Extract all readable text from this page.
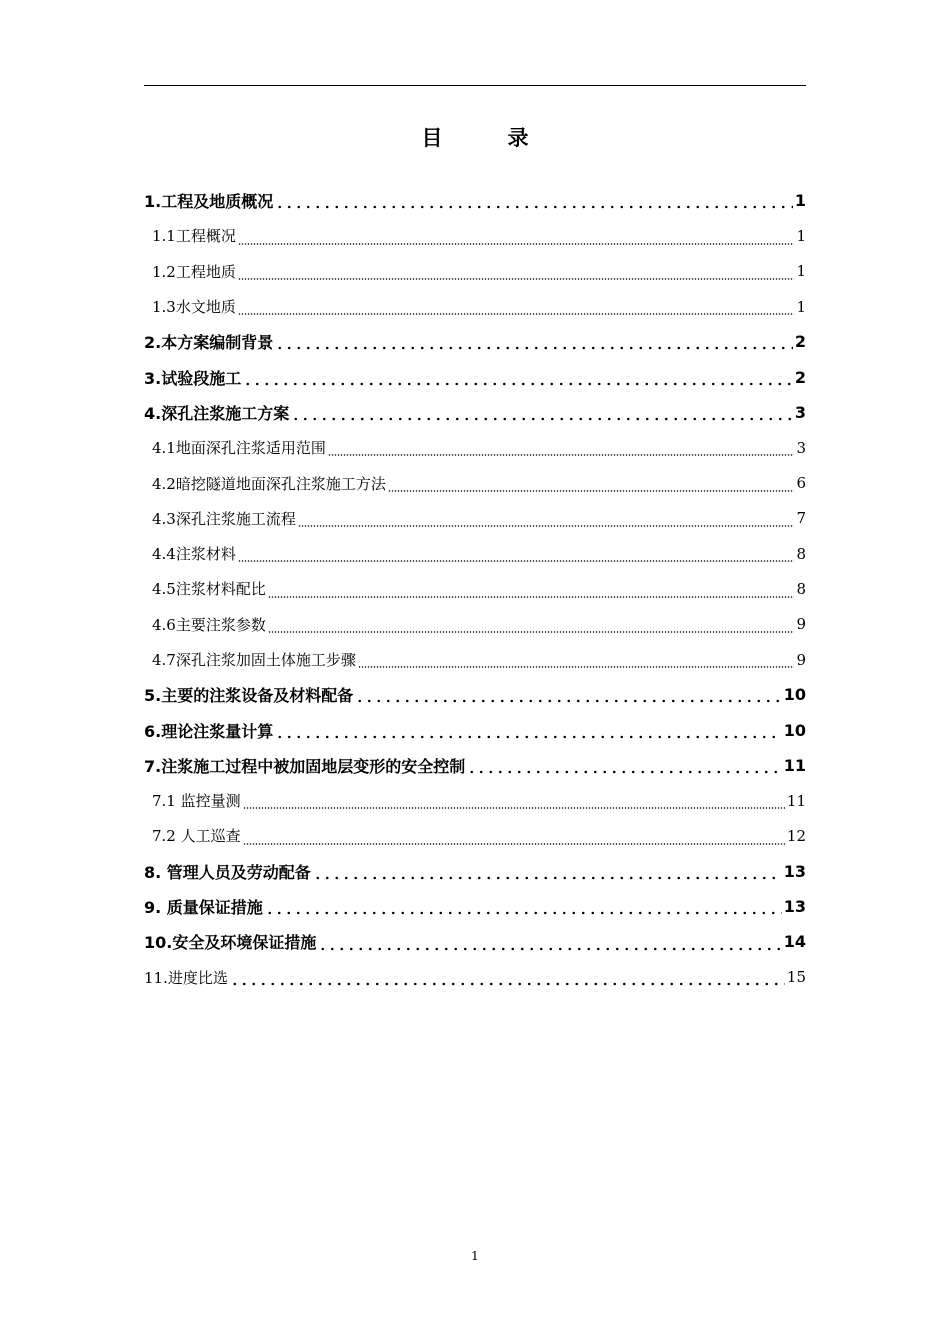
目　录
1.工程及地质概况	1
1.1工程概况	1
1.2工程地质	1
1.3水文地质	1
2.本方案编制背景	2
3.试验段施工	2
4.深孔注浆施工方案	3
4.1地面深孔注浆适用范围	3
4.2暗挖隧道地面深孔注浆施工方法	6
4.3深孔注浆施工流程	7
4.4注浆材料	8
4.5注浆材料配比	8
4.6主要注浆参数	9
4.7深孔注浆加固土体施工步骤	9
5.主要的注浆设备及材料配备	10
6.理论注浆量计算	10
7.注浆施工过程中被加固地层变形的安全控制	11
7.1 监控量测	11
7.2 人工巡查	12
8. 管理人员及劳动配备	13
9. 质量保证措施	13
10.安全及环境保证措施	14
11.进度比选	15
1
